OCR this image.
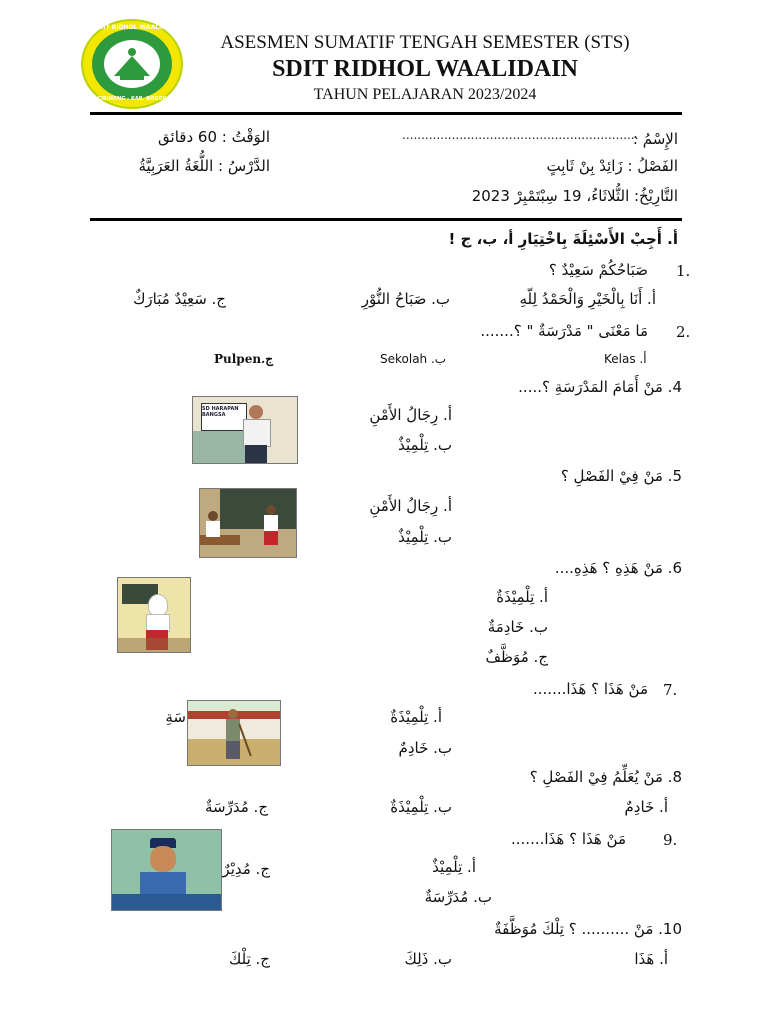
SDIT RIDHOL WAALIDAIN
CIBINONG - KAB. BOGOR
ASESMEN SUMATIF TENGAH SEMESTER (STS)
SDIT RIDHOL WAALIDAIN
TAHUN PELAJARAN 2023/2024
الإِسْمُ :
..............................................................
الوَقْتُ : 60 دقائق
الفَصْلُ : زَائِدْ بِنْ ثَابِتٍ
الدَّرْسُ : اللُّغَةُ العَرَبِيَّةُ
التَّارِيْخُ: الثُّلاثَاءُ، 19 سِبْتَمْبِرْ 2023
أ. أَجِبْ الأَسْئِلَةَ بِاخْتِيَارِ أ، ب، ج !
صَبَاحُكُمْ سَعِيْدٌ ؟ 1.
أ. أَنَا بِالْخَيْرِ وَالْحَمْدُ لِلّهِ
ب. صَبَاحُ النُّوْرِ
ج. سَعِيْدٌ مُبَارَكٌ
مَا مَعْنَى " مَدْرَسَةٌ " ؟....... 2.
Kelas .أ
Sekolah .ب
Pulpen.ج
4. مَنْ أَمَامَ المَدْرَسَةِ ؟.....
أ. رِجَالُ الأَمْنِ
ب. تِلْمِيْذٌ
SD HARAPAN BANGSA
5. مَنْ فِيْ الفَصْلِ ؟
أ. رِجَالُ الأَمْنِ
ب. تِلْمِيْذٌ
6. مَنْ هَذِهِ ؟ هَذِهِ....
أ. تِلْمِيْذَةٌ
ب. خَادِمَةٌ
ج. مُوَظَّفٌ
مَنْ هَذَا ؟ هَذَا....... 7.
أ. تِلْمِيْذَةٌ
ب. خَادِمٌ
سَةِ
8. مَنْ يُعَلِّمُ فِيْ الفَصْلِ ؟
أ. خَادِمٌ
ب. تِلْمِيْذَةٌ
ج. مُدَرِّسَةٌ
مَنْ هَذَا ؟ هَذَا....... 9.
أ. تِلْمِيْذٌ
ب. مُدَرِّسَةٌ
ج. مُدِيْرٌ
10. مَنْ .......... ؟ تِلْكَ مُوَظَّفَةٌ
أ. هَذَا
ب. ذَلِكَ
ج. تِلْكَ
